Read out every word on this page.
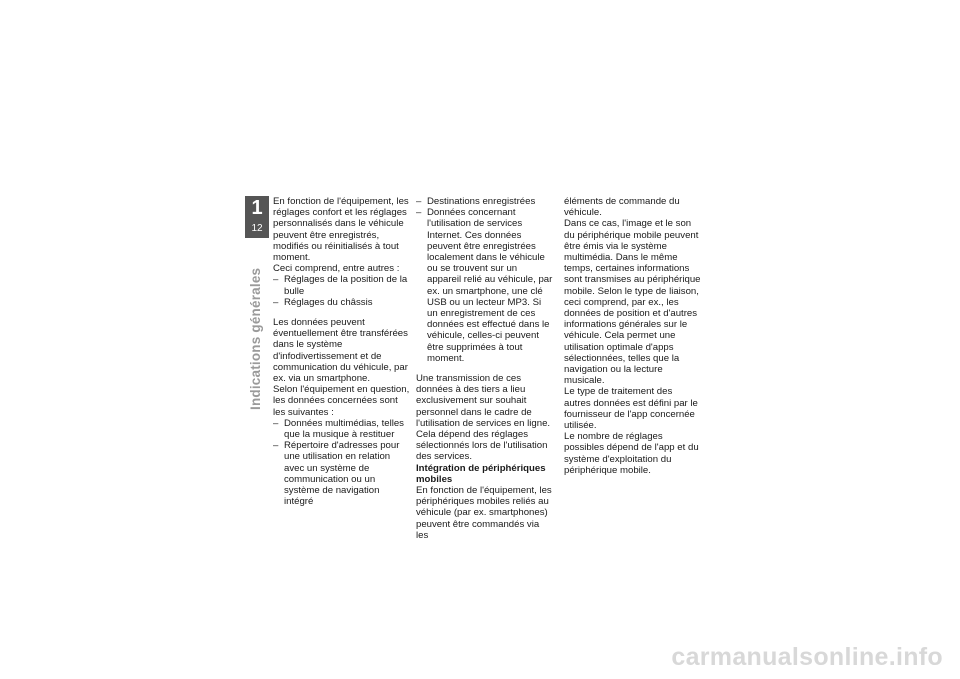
1
12
Indications générales

En fonction de l'équipement, les réglages confort et les réglages personnalisés dans le véhicule peuvent être enregistrés, modifiés ou réinitialisés à tout moment.

Ceci comprend, entre autres :

– Réglages de la position de la bulle
– Réglages du châssis

Les données peuvent éventuellement être transférées dans le système d'infodivertissement et de communication du véhicule, par ex. via un smartphone.

Selon l'équipement en question, les données concernées sont les suivantes :

– Données multimédias, telles que la musique à restituer
– Répertoire d'adresses pour une utilisation en relation avec un système de communication ou un système de navigation intégré
– Destinations enregistrées
– Données concernant l'utilisation de services Internet. Ces données peuvent être enregistrées localement dans le véhicule ou se trouvent sur un appareil relié au véhicule, par ex. un smartphone, une clé USB ou un lecteur MP3. Si un enregistrement de ces données est effectué dans le véhicule, celles-ci peuvent être supprimées à tout moment.

Une transmission de ces données à des tiers a lieu exclusivement sur souhait personnel dans le cadre de l'utilisation de services en ligne. Cela dépend des réglages sélectionnés lors de l'utilisation des services.

Intégration de périphériques mobiles

En fonction de l'équipement, les périphériques mobiles reliés au véhicule (par ex. smartphones) peuvent être commandés via les

éléments de commande du véhicule.

Dans ce cas, l'image et le son du périphérique mobile peuvent être émis via le système multimédia. Dans le même temps, certaines informations sont transmises au périphérique mobile. Selon le type de liaison, ceci comprend, par ex., les données de position et d'autres informations générales sur le véhicule. Cela permet une utilisation optimale d'apps sélectionnées, telles que la navigation ou la lecture musicale.

Le type de traitement des autres données est défini par le fournisseur de l'app concernée utilisée.

Le nombre de réglages possibles dépend de l'app et du système d'exploitation du périphérique mobile.

carmanualsonline.info
